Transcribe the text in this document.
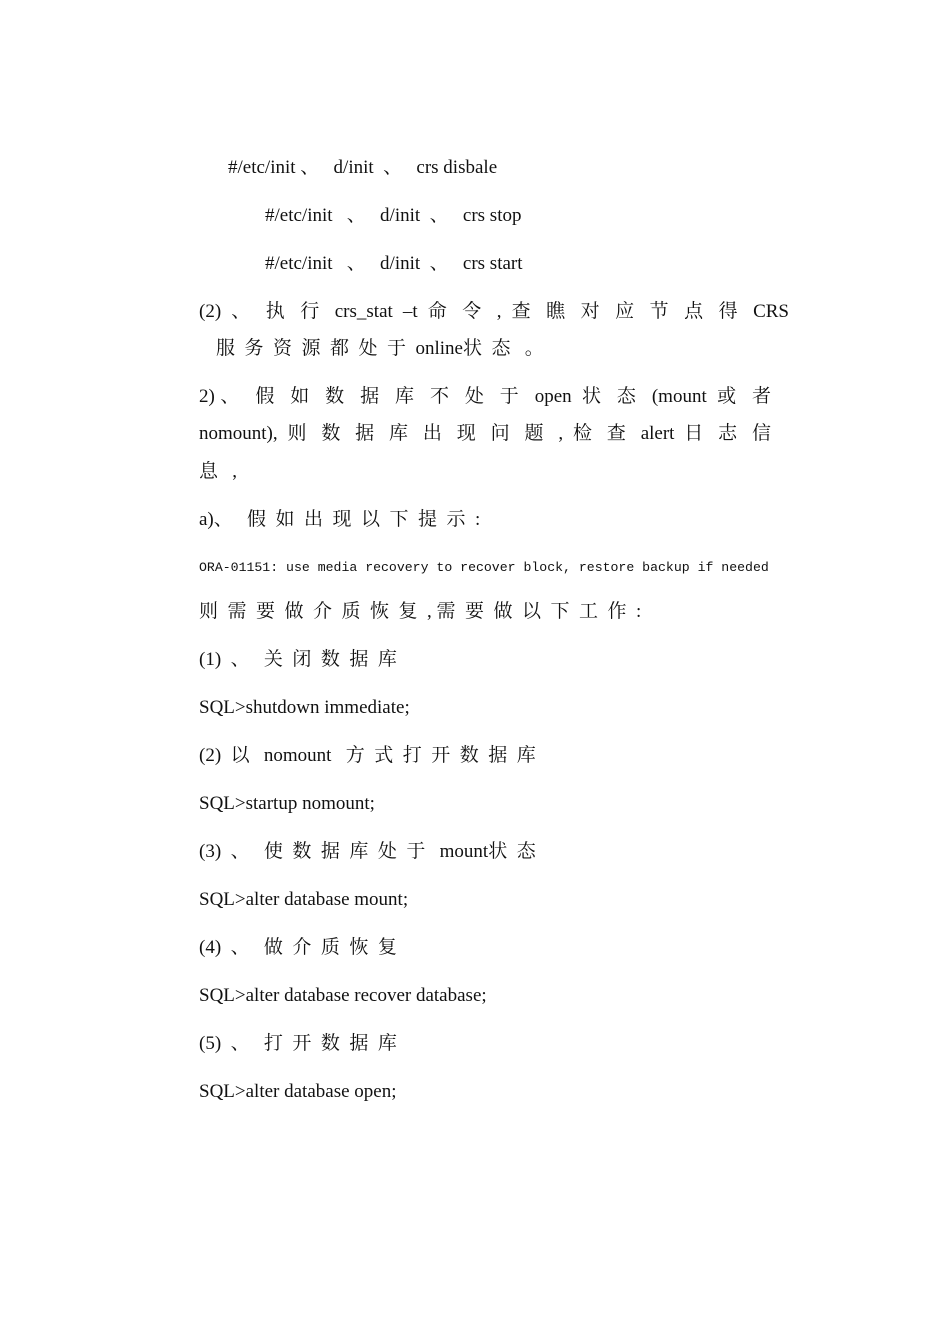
#/etc/init 、   d/init  、   crs disbale
#/etc/init   、   d/init  、   crs stop
#/etc/init   、   d/init  、   crs start
(2) 、 执 行 crs_stat –t 命 令 , 查 瞧 对 应 节 点 得 CRS
服  务  资  源  都  处  于  online状  态   。
2)、 假 如 数 据 库 不 处 于 open 状 态 (mount 或 者
nomount), 则 数 据 库 出 现 问 题 , 检 查 alert 日 志 信
息   ,
a)、   假  如  出  现  以  下  提  示  :
ORA-01151: use media recovery to recover block, restore backup if needed
则  需  要  做  介  质  恢  复  , 需  要  做  以  下  工  作  :
(1)  、   关  闭  数  据  库
SQL>shutdown immediate;
(2)  以   nomount   方  式  打  开  数  据  库
SQL>startup nomount;
(3)  、   使  数  据  库  处  于   mount状  态
SQL>alter database mount;
(4)  、   做  介  质  恢  复
SQL>alter database recover database;
(5)  、   打  开  数  据  库
SQL>alter database open;
